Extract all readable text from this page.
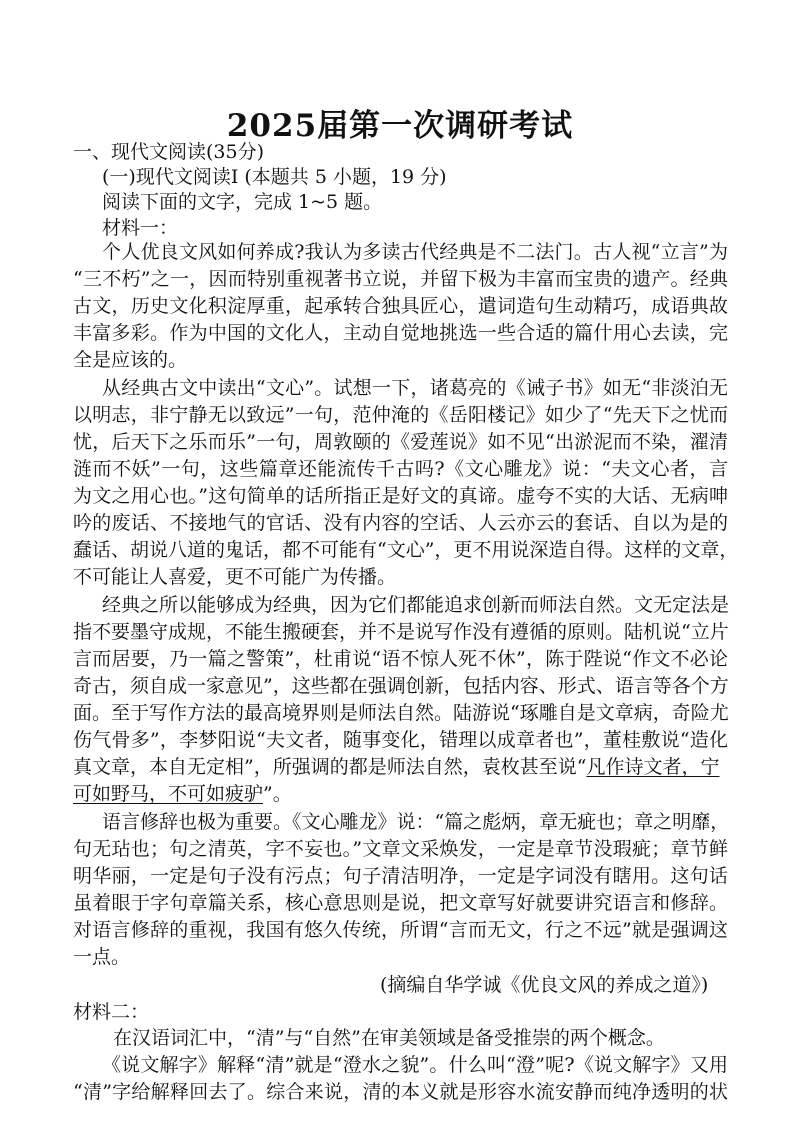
2025届第一次调研考试
一、现代文阅读(35分)
(一)现代文阅读I (本题共 5 小题，19 分)
阅读下面的文字，完成 1~5 题。
材料一：
个人优良文风如何养成?我认为多读古代经典是不二法门。古人视“立言”为
“三不朽”之一，因而特别重视著书立说，并留下极为丰富而宝贵的遗产。经典
古文，历史文化积淀厚重，起承转合独具匠心，遣词造句生动精巧，成语典故
丰富多彩。作为中国的文化人，主动自觉地挑选一些合适的篇什用心去读，完
全是应该的。
从经典古文中读出“文心”。试想一下，诸葛亮的《诫子书》如无“非淡泊无
以明志，非宁静无以致远”一句，范仲淹的《岳阳楼记》如少了“先天下之忧而
忧，后天下之乐而乐”一句，周敦颐的《爱莲说》如不见“出淤泥而不染，濯清
涟而不妖”一句，这些篇章还能流传千古吗?《文心雕龙》说：“夫文心者，言
为文之用心也。”这句简单的话所指正是好文的真谛。虚夸不实的大话、无病呻
吟的废话、不接地气的官话、没有内容的空话、人云亦云的套话、自以为是的
蠢话、胡说八道的鬼话，都不可能有“文心”，更不用说深造自得。这样的文章，
不可能让人喜爱，更不可能广为传播。
经典之所以能够成为经典，因为它们都能追求创新而师法自然。文无定法是
指不要墨守成规，不能生搬硬套，并不是说写作没有遵循的原则。陆机说“立片
言而居要，乃一篇之警策”，杜甫说“语不惊人死不休”，陈于陛说“作文不必论
奇古，须自成一家意见”，这些都在强调创新，包括内容、形式、语言等各个方
面。至于写作方法的最高境界则是师法自然。陆游说“琢雕自是文章病，奇险尤
伤气骨多”，李梦阳说“夫文者，随事变化，错理以成章者也”，董桂敷说“造化
真文章，本自无定相”，所强调的都是师法自然，袁枚甚至说“凡作诗文者，宁
可如野马，不可如疲驴”。
语言修辞也极为重要。《文心雕龙》说：“篇之彪炳，章无疵也；章之明靡，
句无玷也；句之清英，字不妄也。”文章文采焕发，一定是章节没瑕疵；章节鲜
明华丽，一定是句子没有污点；句子清洁明净，一定是字词没有瞎用。这句话
虽着眼于字句章篇关系，核心意思则是说，把文章写好就要讲究语言和修辞。
对语言修辞的重视，我国有悠久传统，所谓“言而无文，行之不远”就是强调这
一点。
(摘编自华学诚《优良文风的养成之道》)
材料二：
在汉语词汇中，“清”与“自然”在审美领域是备受推崇的两个概念。
《说文解字》解释“清”就是“澄水之貌”。什么叫“澄”呢?《说文解字》又用
“清”字给解释回去了。综合来说，清的本义就是形容水流安静而纯净透明的状
